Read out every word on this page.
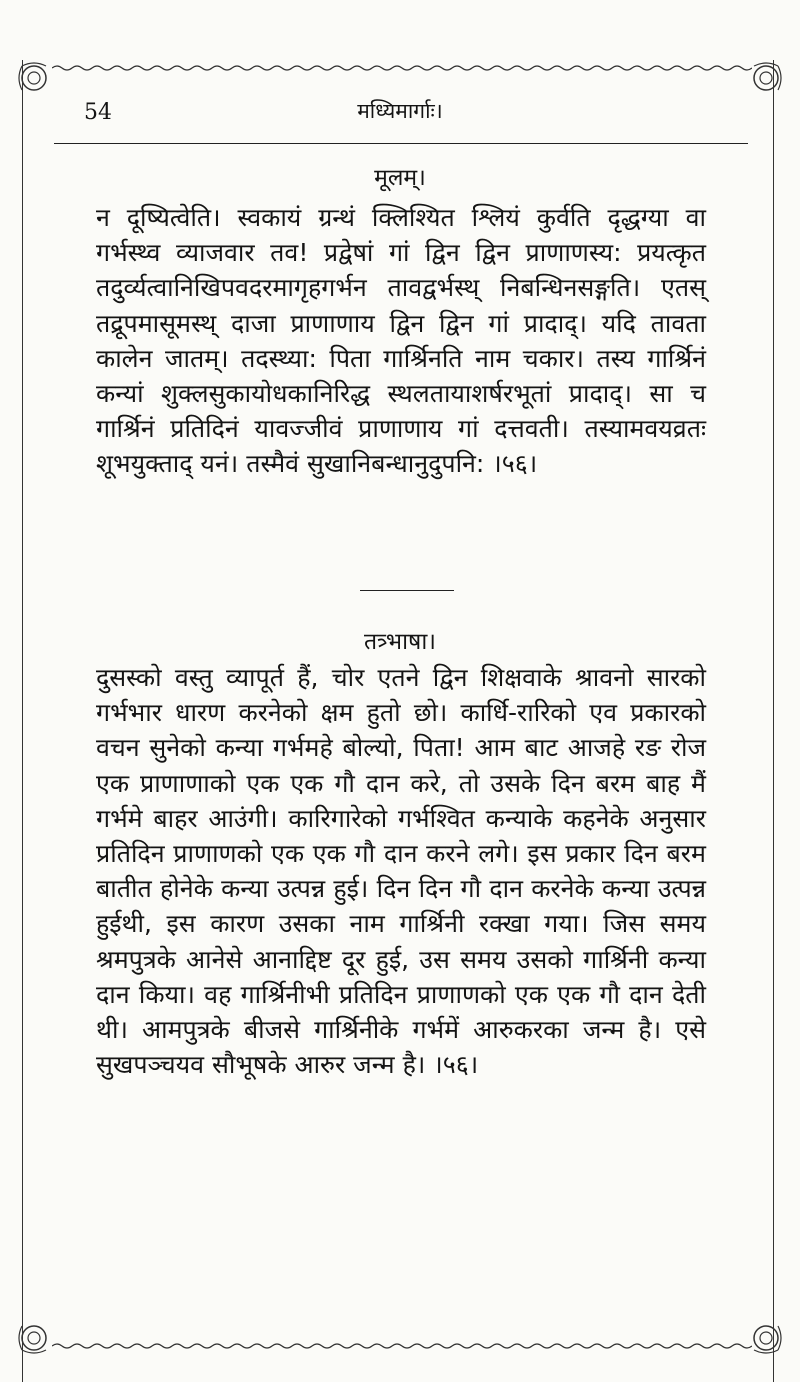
54	मध्यिमार्गाः।
मूलम्।
न दूष्यित्वेति। स्वकायं ग्रन्थं क्लिश्यित श्लियं कुर्वति दृद्धग्या वा गर्भस्थ्व व्याजवार तव! प्रद्वेषां गां द्विन द्विन प्राणाणस्य: प्रयत्कृत तदुर्व्यत्वानिखिपवदरमागृहगर्भन तावद्वर्भस्थ् निबन्धिनसङ्गति। एतस् तद्रूपमासूमस्थ् दाजा प्राणाणाय द्विन द्विन गां प्रादाद्। यदि तावता कालेन जातम्। तदस्थ्या: पिता गार्श्रिनति नाम चकार। तस्य गार्श्रिनं कन्यां शुक्लसुकायोधकानिरिद्ध स्थलतायाशर्षरभूतां प्रादाद्। सा च गार्श्रिनं प्रतिदिनं यावज्जीवं प्राणाणाय गां दत्तवती। तस्यामवयव्रतः शूभयुक्ताद् यनं। तस्मैवं सुखानिबन्धानुदुपनि: ।५६।
तत्र्भाषा।
दुसस्को वस्तु व्यापूर्त हैं, चोर एतने द्विन शिक्षवाके श्रावनो सारको गर्भभार धारण करनेको क्षम हुतो छो। कार्धि-रारिको एव प्रकारको वचन सुनेको कन्या गर्भमहे बोल्यो, पिता! आम बाट आजहे रङ रोज एक प्राणाणाको एक एक गौ दान करे, तो उसके दिन बरम बाह मैं गर्भमे बाहर आउंगी। कारिगारेको गर्भश्वित कन्याके कहनेके अनुसार प्रतिदिन प्राणाणको एक एक गौ दान करने लगे। इस प्रकार दिन बरम बातीत होनेके कन्या उत्पन्न हुई। दिन दिन गौ दान करनेके कन्या उत्पन्न हुईथी, इस कारण उसका नाम गार्श्रिनी रक्खा गया। जिस समय श्रमपुत्रके आनेसे आनाद्दिष्ट दूर हुई, उस समय उसको गार्श्रिनी कन्या दान किया। वह गार्श्रिनीभी प्रतिदिन प्राणाणको एक एक गौ दान देती थी। आमपुत्रके बीजसे गार्श्रिनीके गर्भमें आरुकरका जन्म है। एसे सुखपञ्चयव सौभूषके आरुर जन्म है। ।५६।
